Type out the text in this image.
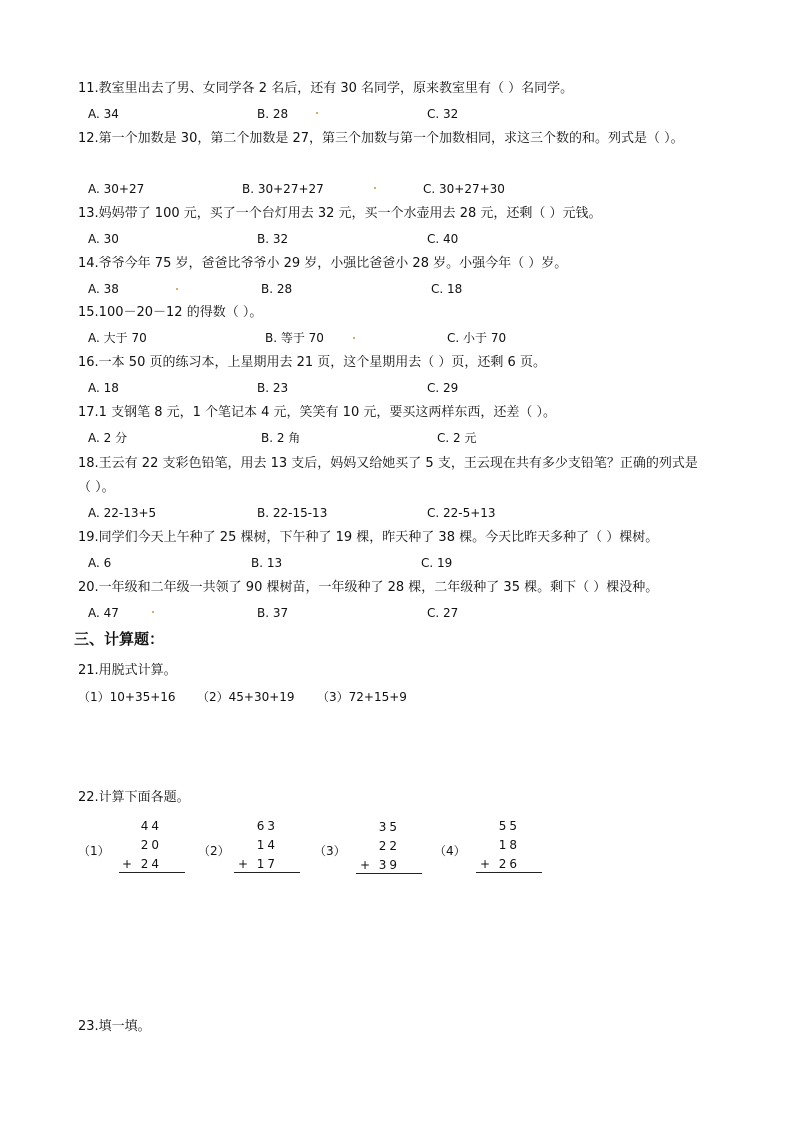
11.教室里出去了男、女同学各 2 名后，还有 30 名同学，原来教室里有（ ）名同学。
A. 34	B. 28	C. 32
12.第一个加数是 30，第二个加数是 27，第三个加数与第一个加数相同，求这三个数的和。列式是（ ）。
A. 30+27	B. 30+27+27	C. 30+27+30
13.妈妈带了 100 元，买了一个台灯用去 32 元，买一个水壶用去 28 元，还剩（ ）元钱。
A. 30	B. 32	C. 40
14.爷爷今年 75 岁，爸爸比爷爷小 29 岁，小强比爸爸小 28 岁。小强今年（ ）岁。
A. 38	B. 28	C. 18
15.100－20－12 的得数（ ）。
A. 大于 70	B. 等于 70	C. 小于 70
16.一本 50 页的练习本，上星期用去 21 页，这个星期用去（ ）页，还剩 6 页。
A. 18	B. 23	C. 29
17.1 支钢笔 8 元，1 个笔记本 4 元，笑笑有 10 元，要买这两样东西，还差（ ）。
A. 2 分	B. 2 角	C. 2 元
18.王云有 22 支彩色铅笔，用去 13 支后，妈妈又给她买了 5 支，王云现在共有多少支铅笔？正确的列式是（ ）。
A. 22-13+5	B. 22-15-13	C. 22-5+13
19.同学们今天上午种了 25 棵树，下午种了 19 棵，昨天种了 38 棵。今天比昨天多种了（ ）棵树。
A. 6	B. 13	C. 19
20.一年级和二年级一共领了 90 棵树苗，一年级种了 28 棵，二年级种了 35 棵。剩下（ ）棵没种。
A. 47	B. 37	C. 27
三、计算题：
21.用脱式计算。
（1）10+35+16 （2）45+30+19 （3）72+15+9
22.计算下面各题。
（1）
44
20
+ 24
（2）
63
14
+ 17
（3）
35
22
+ 39
（4）
55
18
+ 26
23.填一填。
